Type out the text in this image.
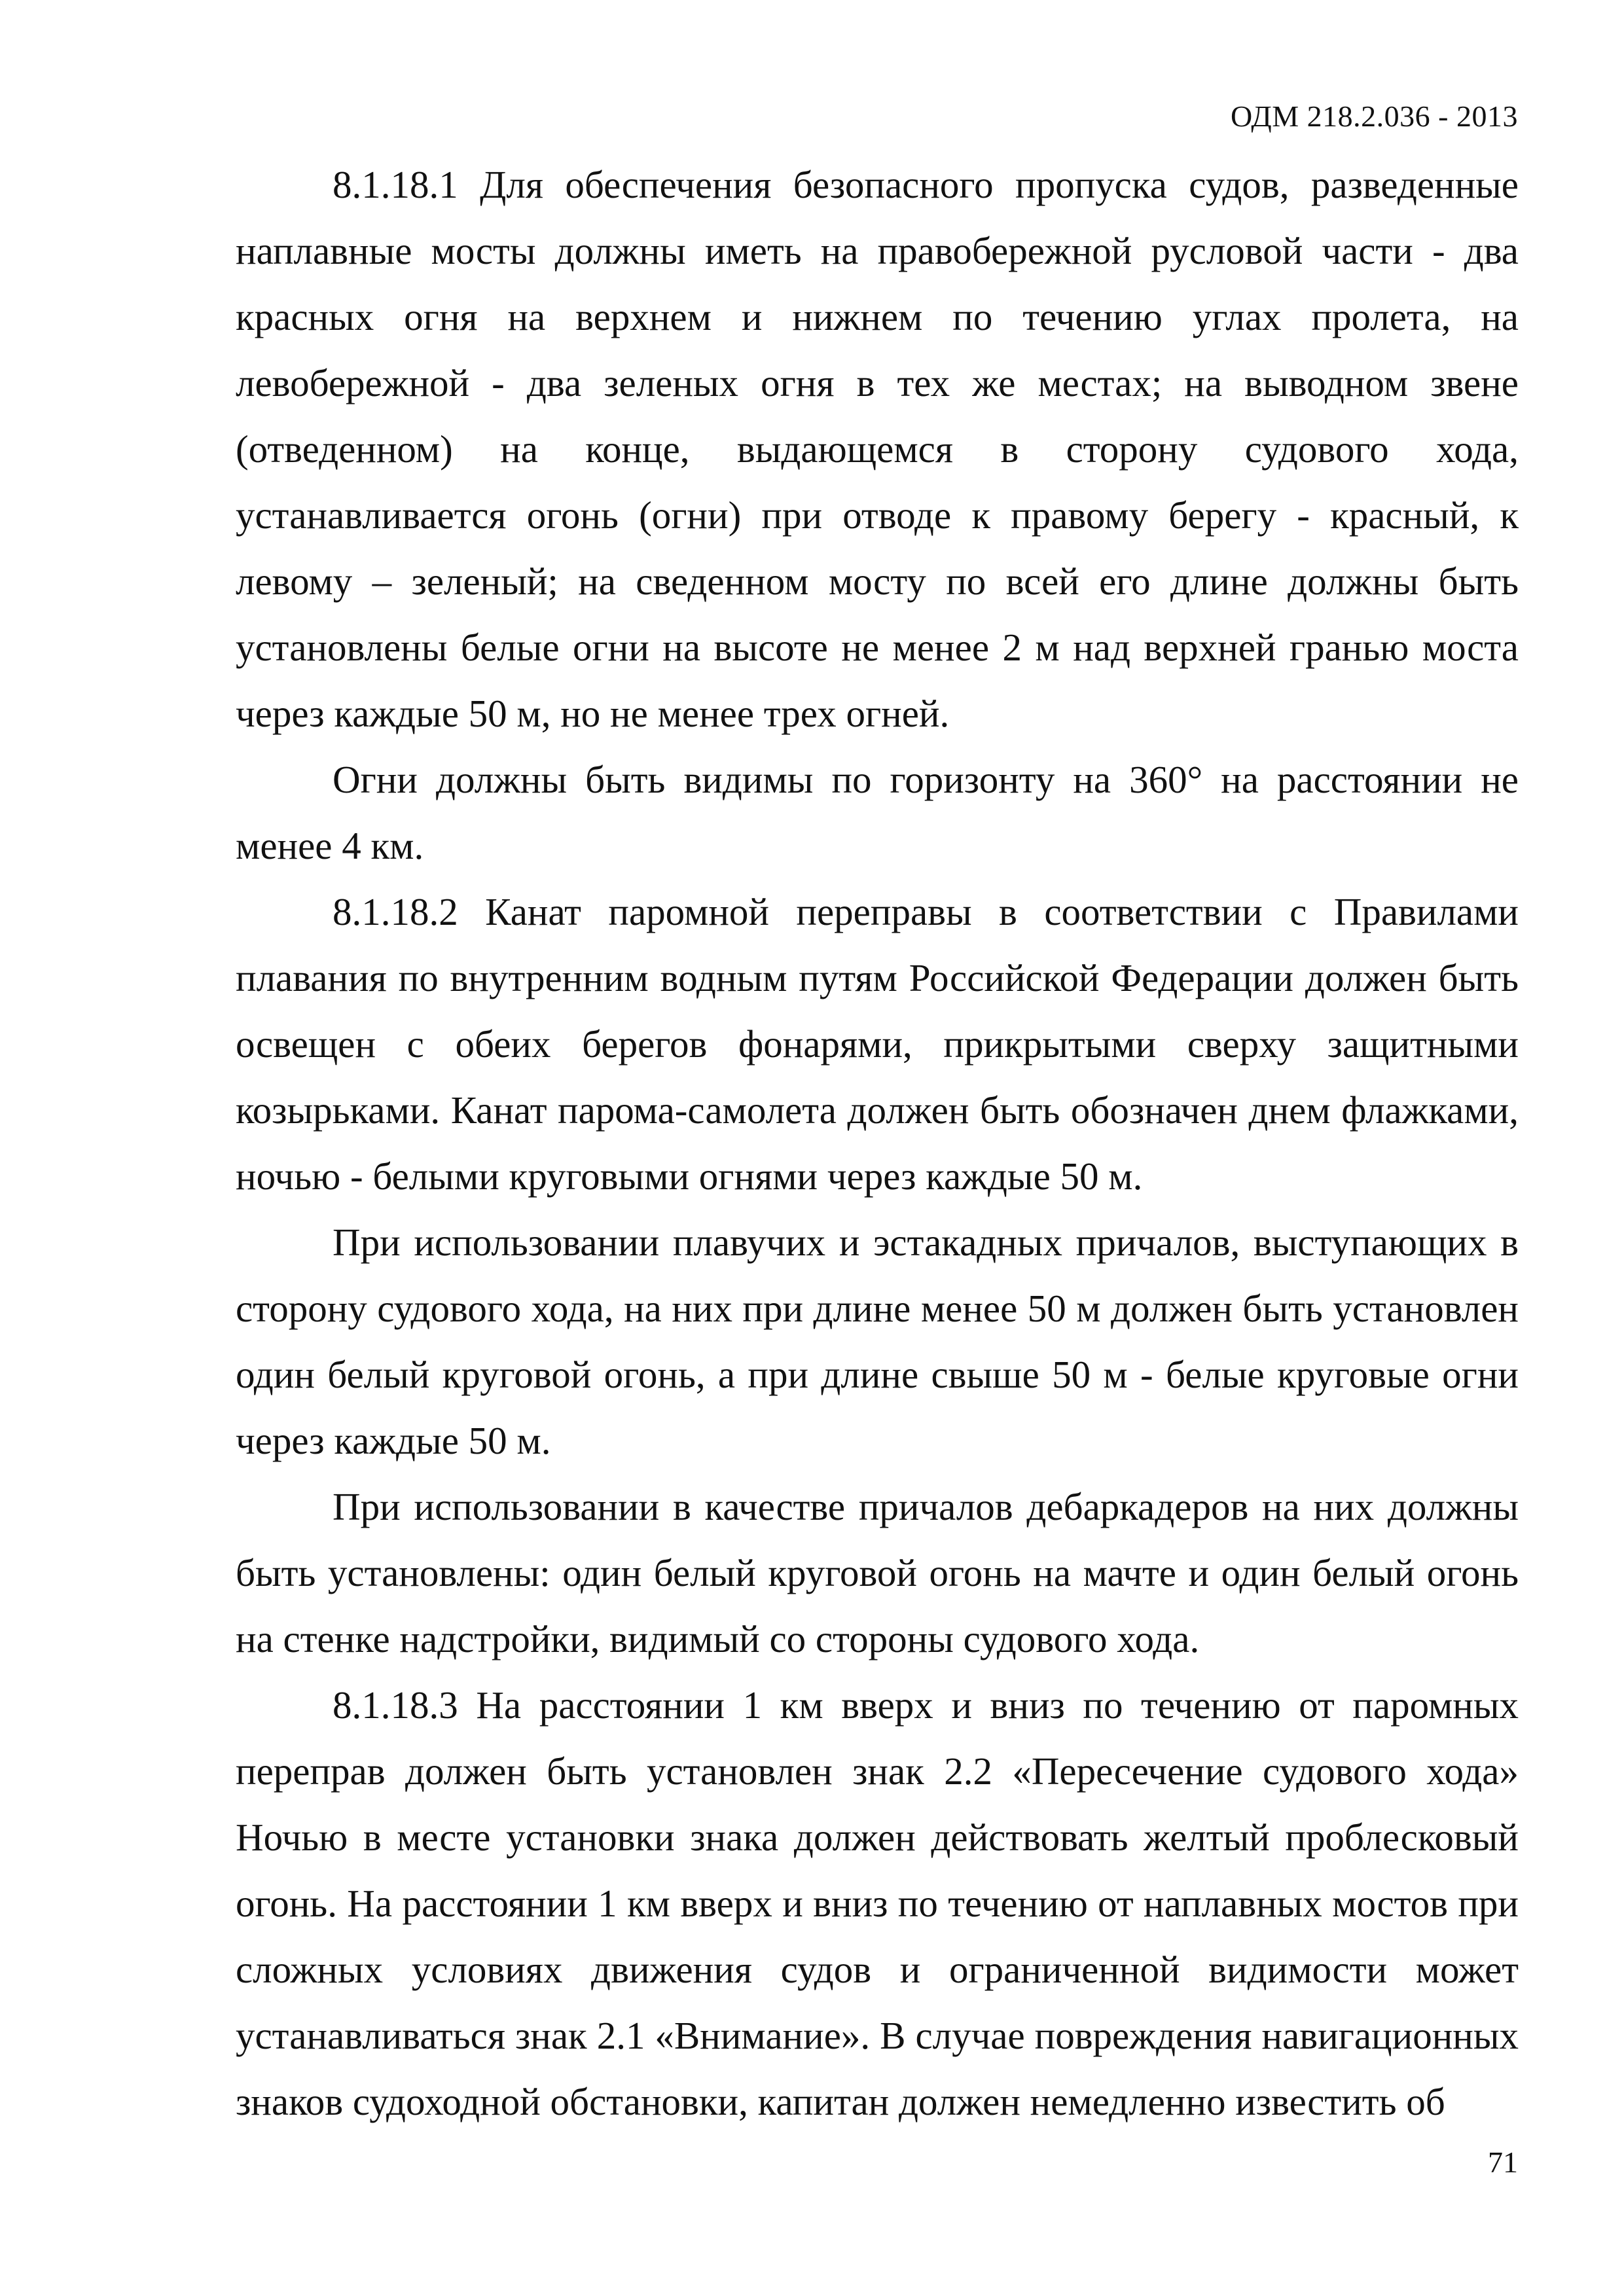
ОДМ 218.2.036 - 2013

8.1.18.1 Для обеспечения безопасного пропуска судов, разведенные наплавные мосты должны иметь на правобережной русловой части - два красных огня на верхнем и нижнем по течению углах пролета, на левобережной - два зеленых огня в тех же местах; на выводном звене (отведенном) на конце, выдающемся в сторону судового хода, устанавливается огонь (огни) при отводе к правому берегу - красный, к левому – зеленый; на сведенном мосту по всей его длине должны быть установлены белые огни на высоте не менее 2 м над верхней гранью моста через каждые 50 м, но не менее трех огней.

Огни должны быть видимы по горизонту на 360° на расстоянии не менее 4 км.

8.1.18.2 Канат паромной переправы в соответствии с Правилами плавания по внутренним водным путям Российской Федерации должен быть освещен с обеих берегов фонарями, прикрытыми сверху защитными козырьками. Канат парома-самолета должен быть обозначен днем флажками, ночью - белыми круговыми огнями через каждые 50 м.

При использовании плавучих и эстакадных причалов, выступающих в сторону судового хода, на них при длине менее 50 м должен быть установлен один белый круговой огонь, а при длине свыше 50 м - белые круговые огни через каждые 50 м.

При использовании в качестве причалов дебаркадеров на них должны быть установлены: один белый круговой огонь на мачте и один белый огонь на стенке надстройки, видимый со стороны судового хода.

8.1.18.3 На расстоянии 1 км вверх и вниз по течению от паромных переправ должен быть установлен знак 2.2 «Пересечение судового хода» Ночью в месте установки знака должен действовать желтый проблесковый огонь. На расстоянии 1 км вверх и вниз по течению от наплавных мостов при сложных условиях движения судов и ограниченной видимости может устанавливаться знак 2.1 «Внимание». В случае повреждения навигационных знаков судоходной обстановки, капитан должен немедленно известить об

71
